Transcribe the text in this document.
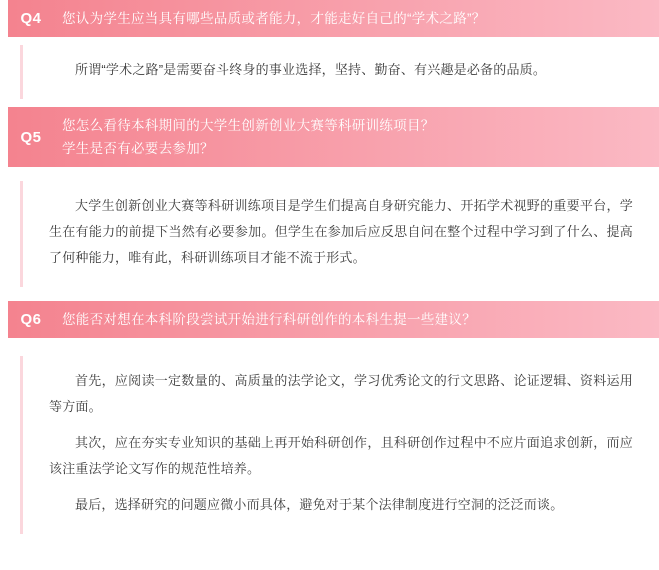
Q4	您认为学生应当具有哪些品质或者能力，才能走好自己的“学术之路”？

所谓“学术之路”是需要奋斗终身的事业选择，坚持、勤奋、有兴趣是必备的品质。

Q5
您怎么看待本科期间的大学生创新创业大赛等科研训练项目？
学生是否有必要去参加？

大学生创新创业大赛等科研训练项目是学生们提高自身研究能力、开拓学术视野的重要平台，学生在有能力的前提下当然有必要参加。但学生在参加后应反思自问在整个过程中学习到了什么、提高了何种能力，唯有此，科研训练项目才能不流于形式。

Q6	您能否对想在本科阶段尝试开始进行科研创作的本科生提一些建议？

首先，应阅读一定数量的、高质量的法学论文，学习优秀论文的行文思路、论证逻辑、资料运用等方面。

其次，应在夯实专业知识的基础上再开始科研创作，且科研创作过程中不应片面追求创新，而应该注重法学论文写作的规范性培养。

最后，选择研究的问题应微小而具体，避免对于某个法律制度进行空洞的泛泛而谈。
